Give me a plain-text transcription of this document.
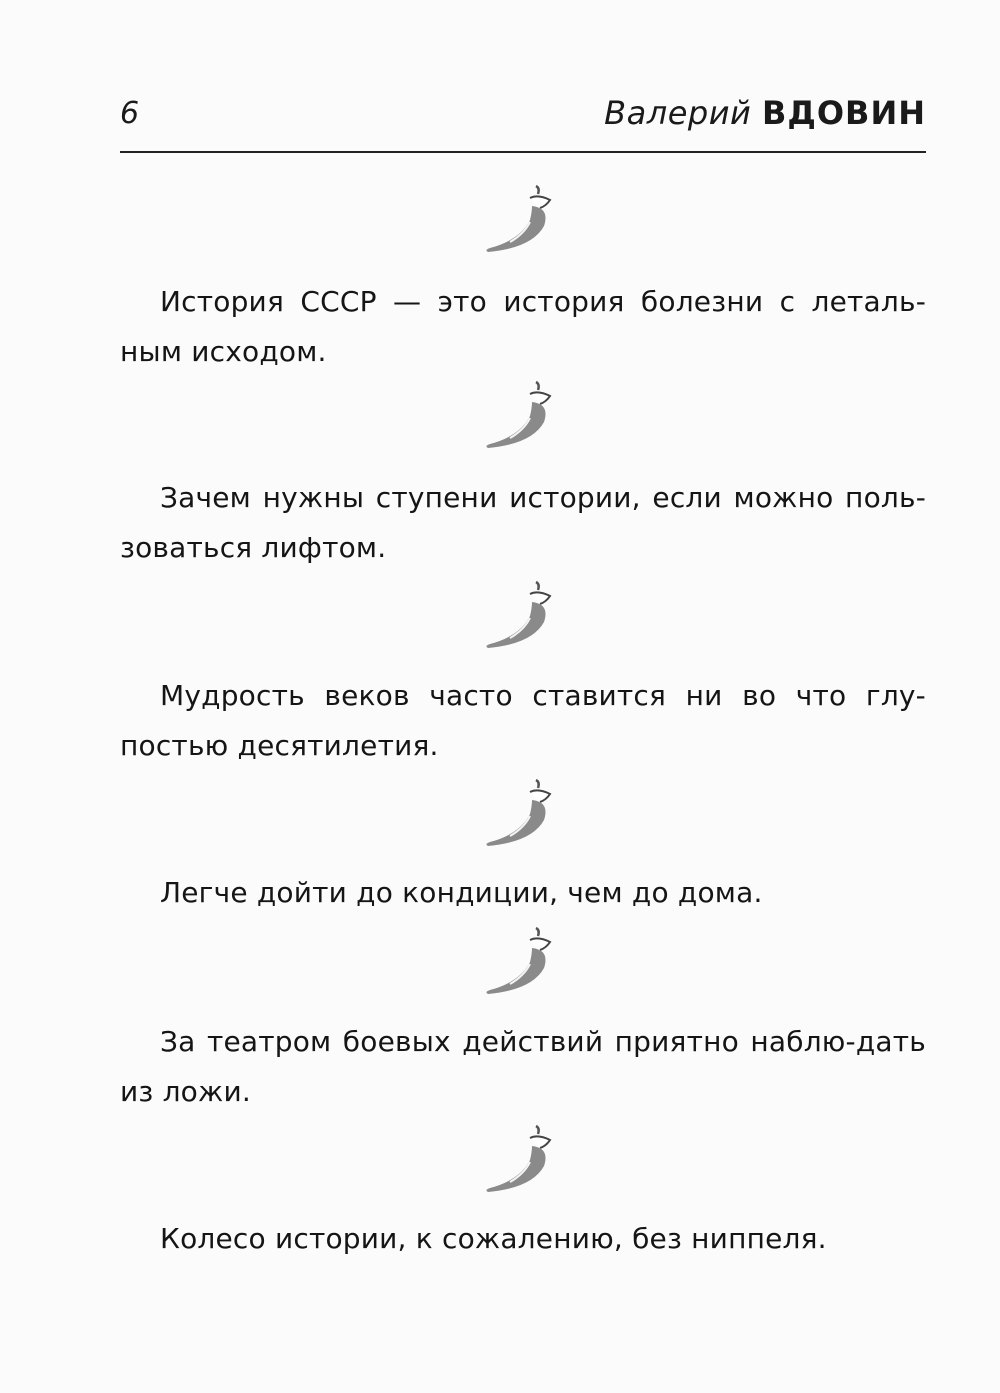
6	Валерий ВДОВИН
История СССР — это история болезни с леталь-ным исходом.
Зачем нужны ступени истории, если можно поль-зоваться лифтом.
Мудрость веков часто ставится ни во что глу-постью десятилетия.
Легче дойти до кондиции, чем до дома.
За театром боевых действий приятно наблю-дать из ложи.
Колесо истории, к сожалению, без ниппеля.
